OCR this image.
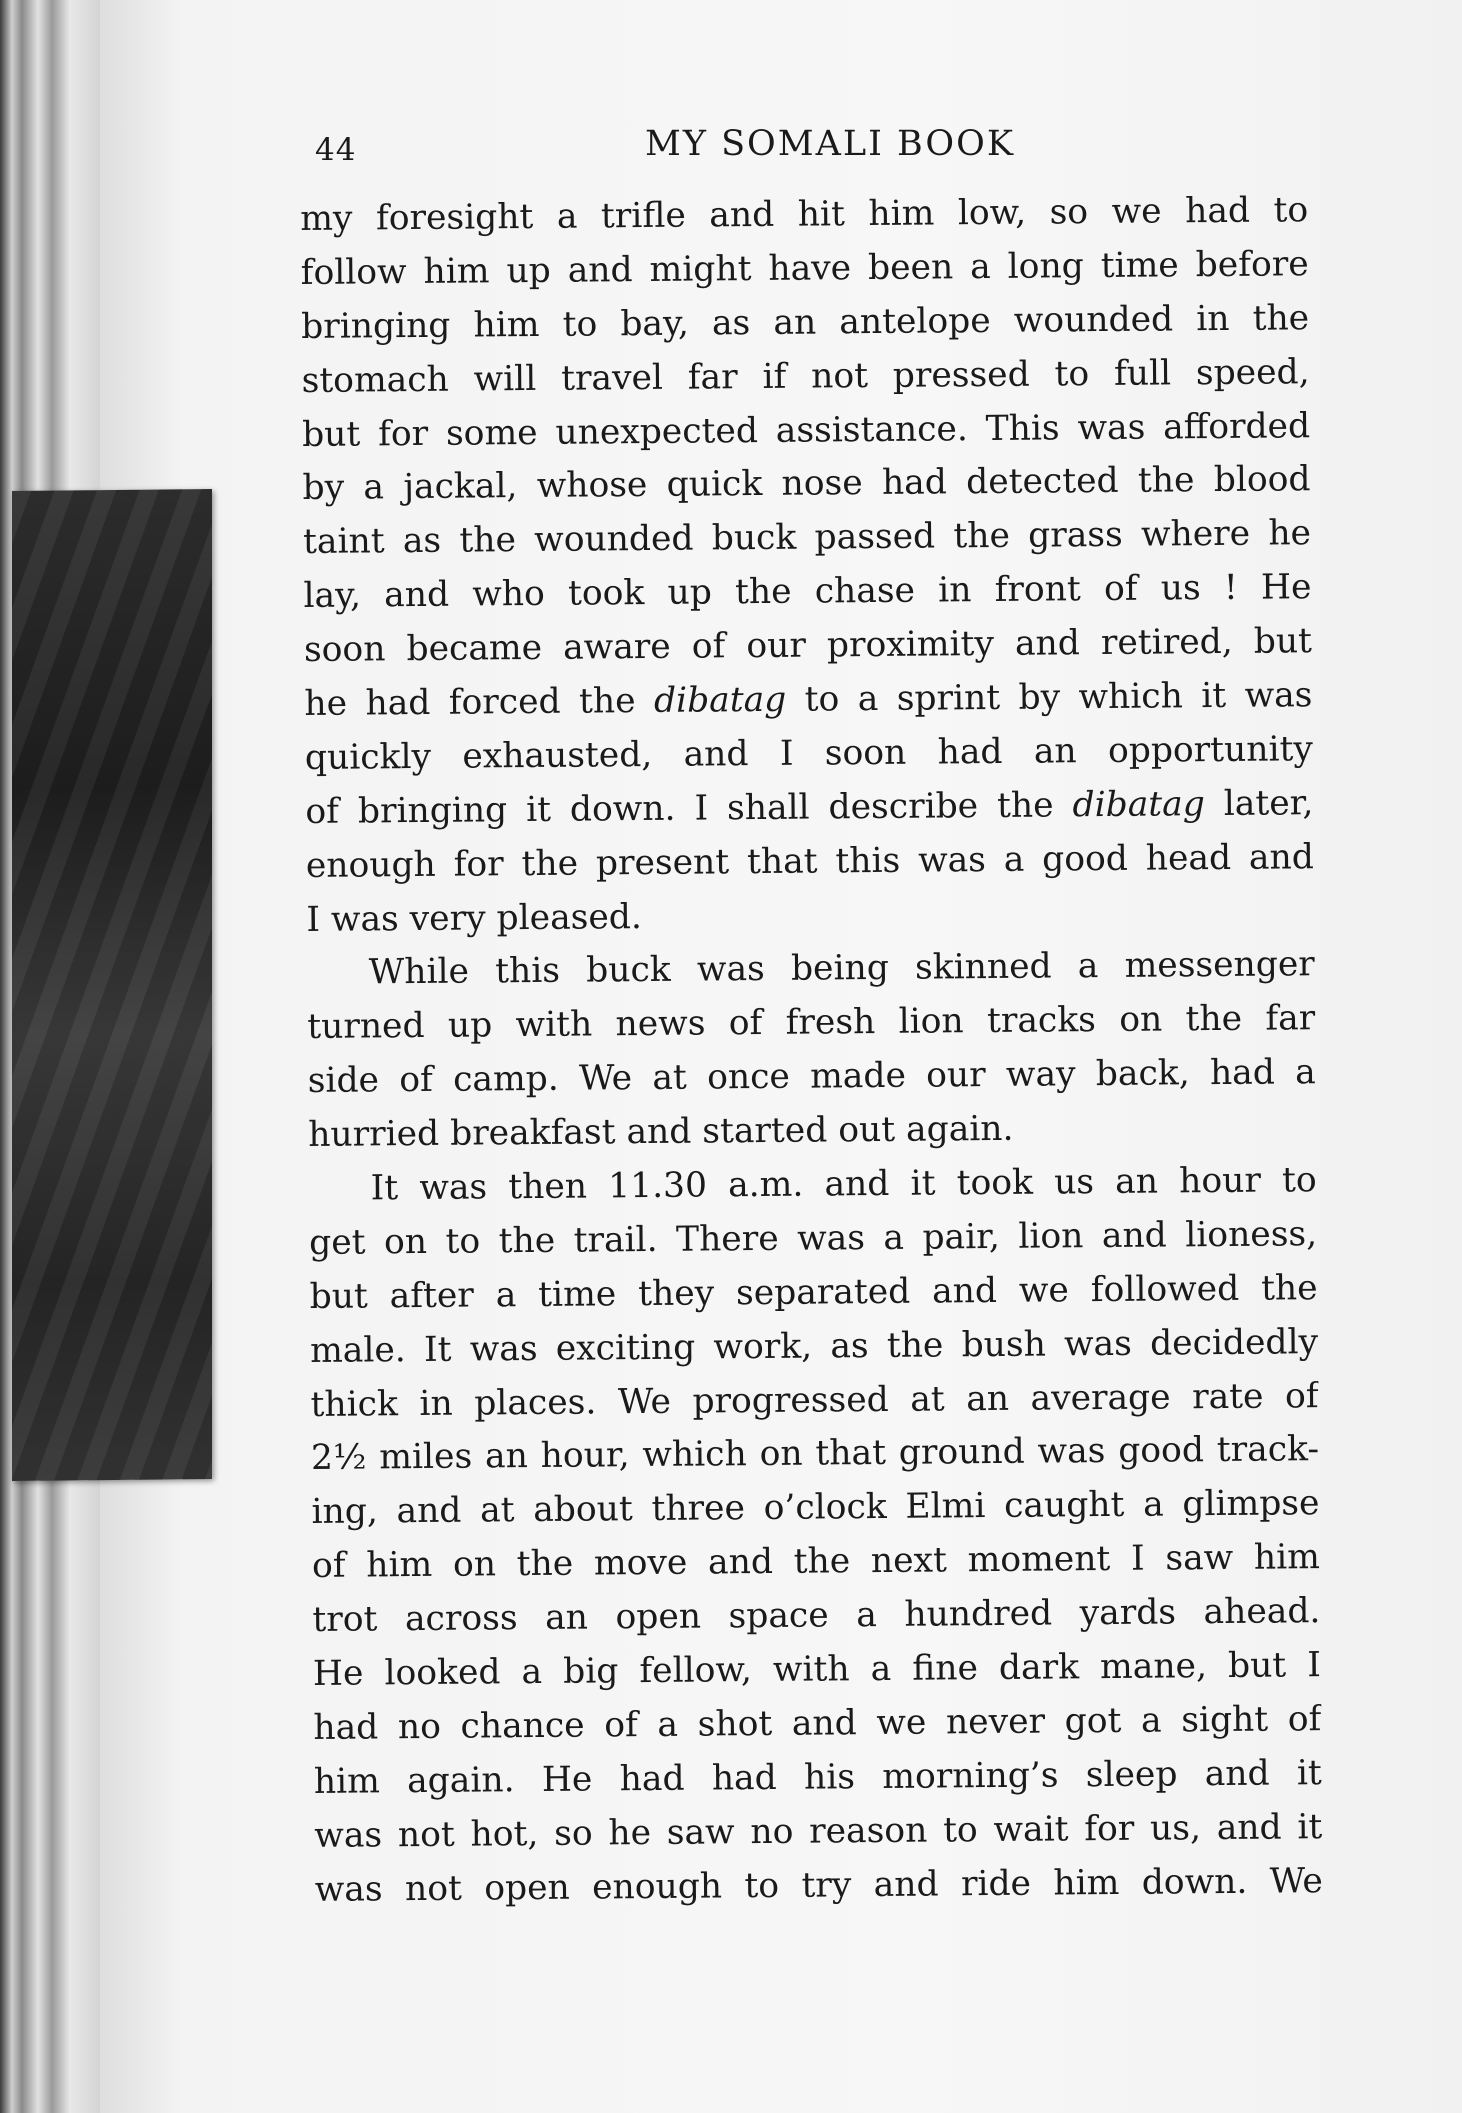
44	MY SOMALI BOOK
my foresight a trifle and hit him low, so we had to
follow him up and might have been a long time before
bringing him to bay, as an antelope wounded in the
stomach will travel far if not pressed to full speed,
but for some unexpected assistance. This was afforded
by a jackal, whose quick nose had detected the blood
taint as the wounded buck passed the grass where he
lay, and who took up the chase in front of us ! He
soon became aware of our proximity and retired, but
he had forced the dibatag to a sprint by which it was
quickly exhausted, and I soon had an opportunity
of bringing it down. I shall describe the dibatag later,
enough for the present that this was a good head and
I was very pleased.
While this buck was being skinned a messenger
turned up with news of fresh lion tracks on the far
side of camp. We at once made our way back, had a
hurried breakfast and started out again.
It was then 11.30 a.m. and it took us an hour to
get on to the trail. There was a pair, lion and lioness,
but after a time they separated and we followed the
male. It was exciting work, as the bush was decidedly
thick in places. We progressed at an average rate of
2½ miles an hour, which on that ground was good track-
ing, and at about three o’clock Elmi caught a glimpse
of him on the move and the next moment I saw him
trot across an open space a hundred yards ahead.
He looked a big fellow, with a fine dark mane, but I
had no chance of a shot and we never got a sight of
him again. He had had his morning’s sleep and it
was not hot, so he saw no reason to wait for us, and it
was not open enough to try and ride him down. We
